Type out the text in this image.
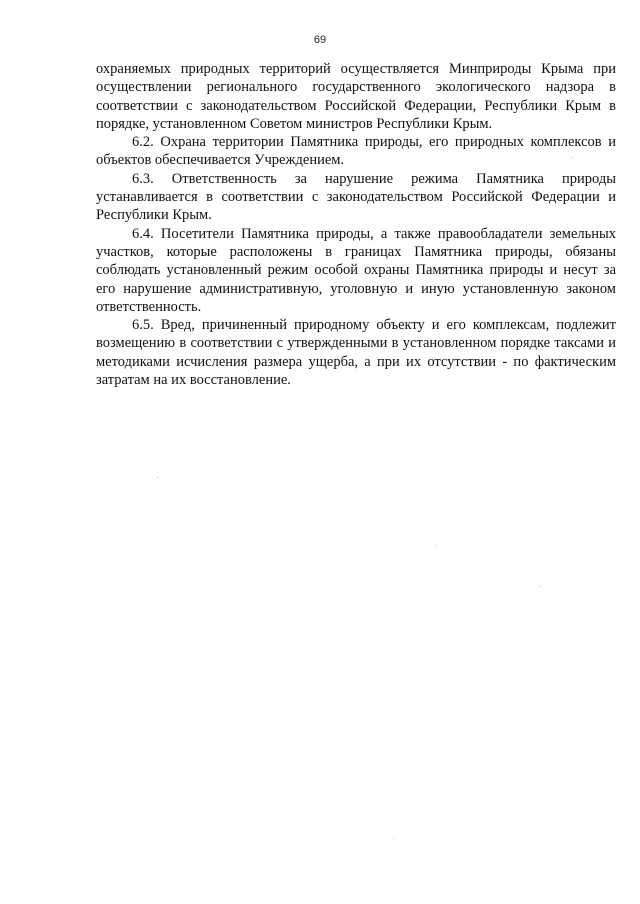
69

охраняемых природных территорий осуществляется Минприроды Крыма при осуществлении регионального государственного экологического надзора в соответствии с законодательством Российской Федерации, Республики Крым в порядке, установленном Советом министров Республики Крым.

6.2. Охрана территории Памятника природы, его природных комплексов и объектов обеспечивается Учреждением.

6.3. Ответственность за нарушение режима Памятника природы устанавливается в соответствии с законодательством Российской Федерации и Республики Крым.

6.4. Посетители Памятника природы, а также правообладатели земельных участков, которые расположены в границах Памятника природы, обязаны соблюдать установленный режим особой охраны Памятника природы и несут за его нарушение административную, уголовную и иную установленную законом ответственность.

6.5. Вред, причиненный природному объекту и его комплексам, подлежит возмещению в соответствии с утвержденными в установленном порядке таксами и методиками исчисления размера ущерба, а при их отсутствии - по фактическим затратам на их восстановление.
